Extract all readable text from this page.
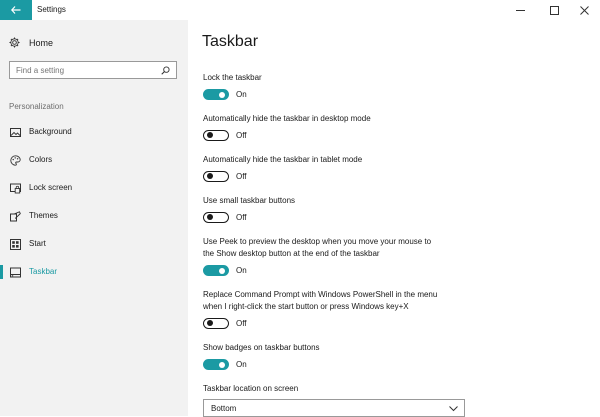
Settings
Home
Find a setting
Personalization
Background
Colors
Lock screen
Themes
Start
Taskbar
Taskbar
Lock the taskbar
On
Automatically hide the taskbar in desktop mode
Off
Automatically hide the taskbar in tablet mode
Off
Use small taskbar buttons
Off
Use Peek to preview the desktop when you move your mouse to
the Show desktop button at the end of the taskbar
On
Replace Command Prompt with Windows PowerShell in the menu
when I right-click the start button or press Windows key+X
Off
Show badges on taskbar buttons
On
Taskbar location on screen
Bottom
